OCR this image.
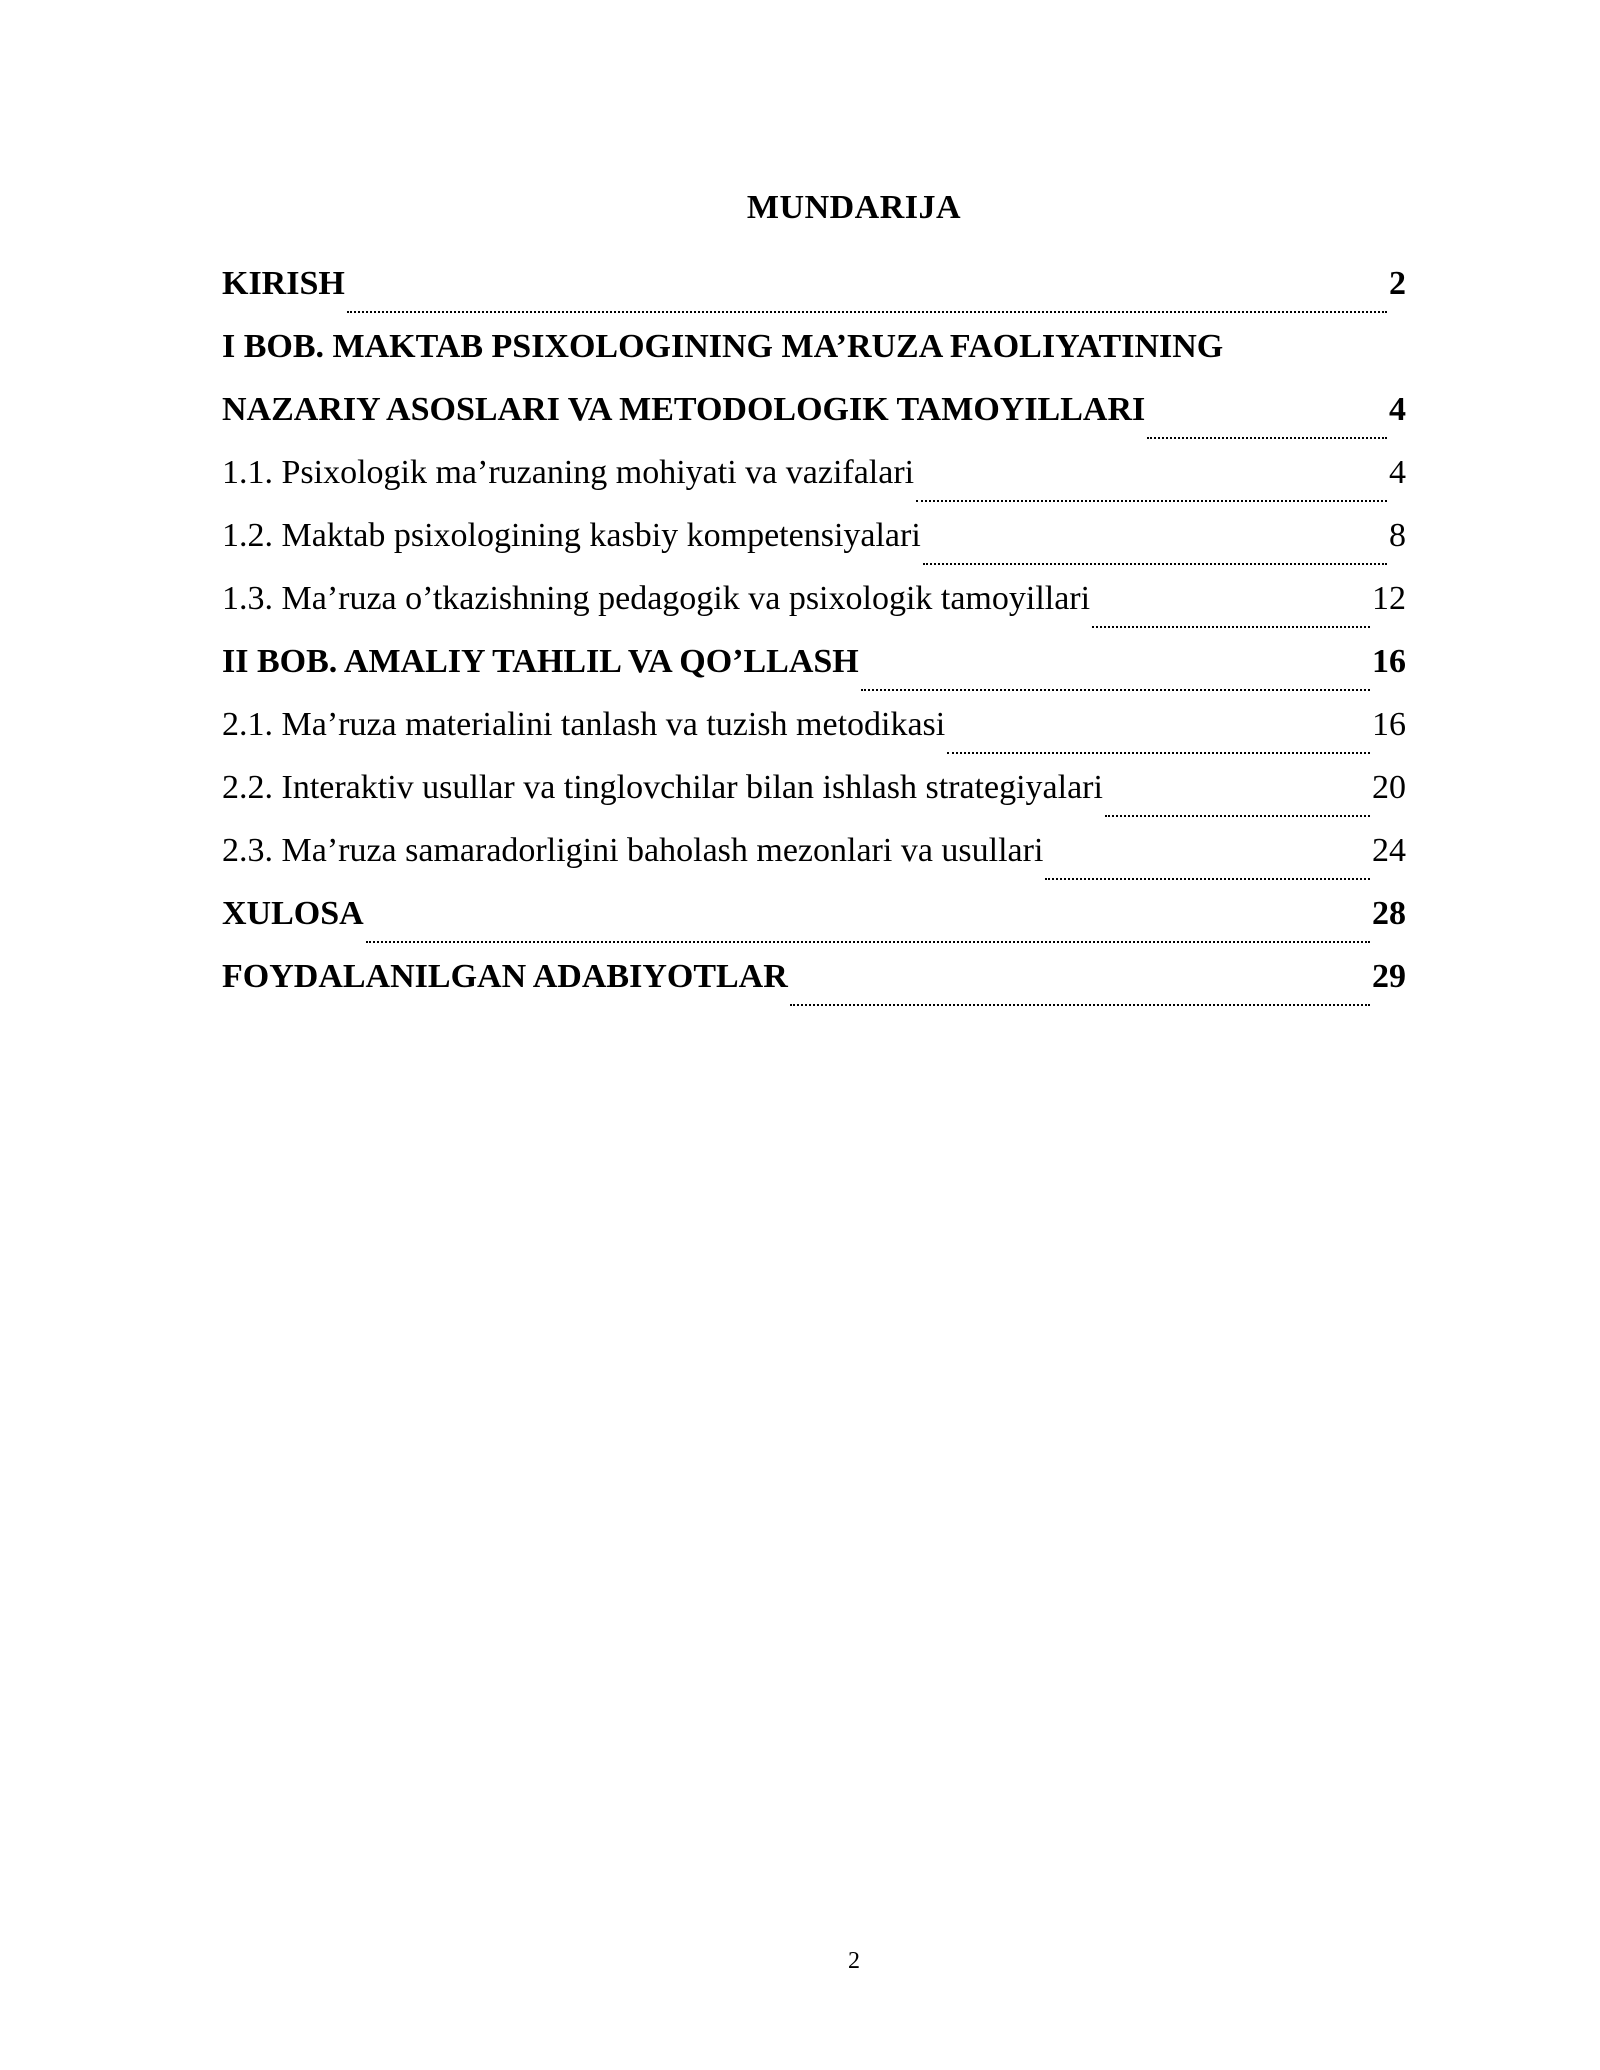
MUNDARIJA
KIRISH	2
I BOB. MAKTAB PSIXOLOGINING MA’RUZA FAOLIYATINING
NAZARIY ASOSLARI VA METODOLOGIK TAMOYILLARI	4
1.1. Psixologik ma’ruzaning mohiyati va vazifalari	4
1.2. Maktab psixologining kasbiy kompetensiyalari	8
1.3. Ma’ruza o’tkazishning pedagogik va psixologik tamoyillari	12
II BOB. AMALIY TAHLIL VA QO’LLASH	16
2.1. Ma’ruza materialini tanlash va tuzish metodikasi	16
2.2. Interaktiv usullar va tinglovchilar bilan ishlash strategiyalari	20
2.3. Ma’ruza samaradorligini baholash mezonlari va usullari	24
XULOSA	28
FOYDALANILGAN ADABIYOTLAR	29
2
